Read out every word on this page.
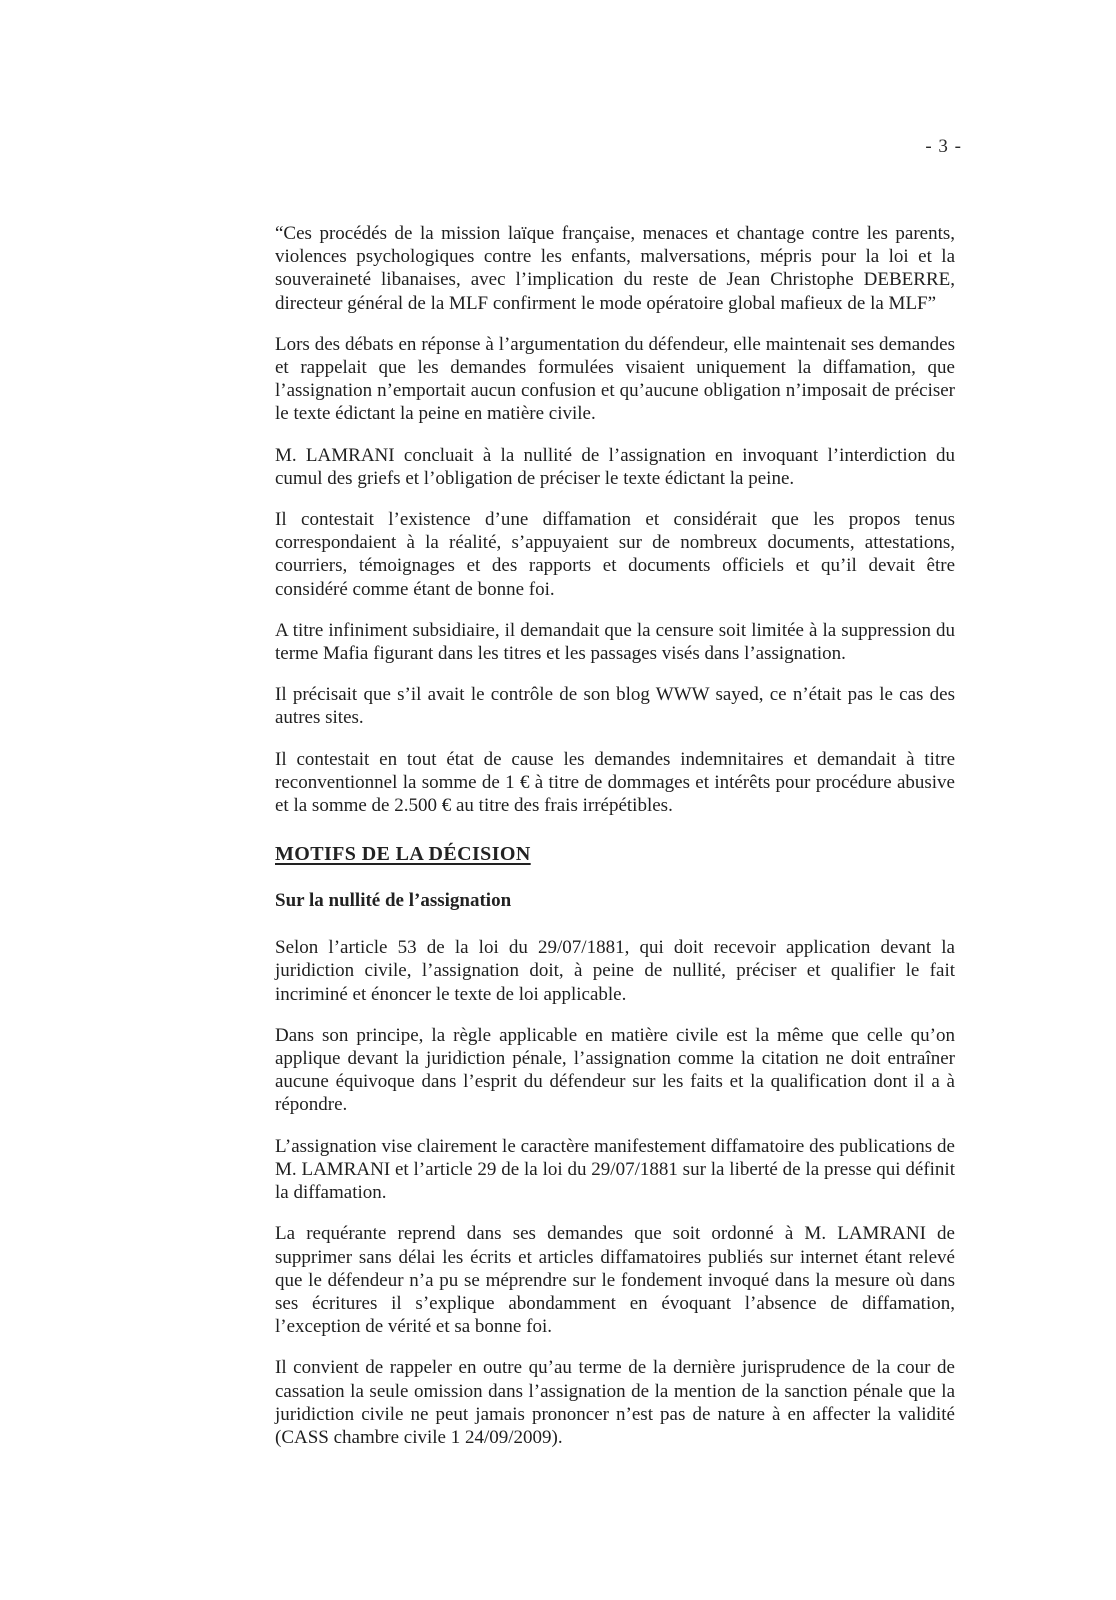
- 3 -

“Ces procédés de la mission laïque française, menaces et chantage contre les parents, violences psychologiques contre les enfants, malversations, mépris pour la loi et la souveraineté libanaises, avec l’implication du reste de Jean Christophe DEBERRE, directeur général de la MLF confirment le mode opératoire global mafieux de la MLF”

Lors des débats en réponse à l’argumentation du défendeur, elle maintenait ses demandes et rappelait que les demandes formulées visaient uniquement la diffamation, que l’assignation n’emportait aucun confusion et qu’aucune obligation n’imposait de préciser le texte édictant la peine en matière civile.

M. LAMRANI concluait à la nullité de l’assignation en invoquant l’interdiction du cumul des griefs et l’obligation de préciser le texte édictant la peine.

Il contestait l’existence d’une diffamation et considérait que les propos tenus correspondaient à la réalité, s’appuyaient sur de nombreux documents, attestations, courriers, témoignages et des rapports et documents officiels et qu’il devait être considéré comme étant de bonne foi.

A titre infiniment subsidiaire, il demandait que la censure soit limitée à la suppression du terme Mafia figurant dans les titres et les passages visés dans l’assignation.

Il précisait que s’il avait le contrôle de son blog WWW sayed, ce n’était pas le cas des autres sites.

Il contestait en tout état de cause les demandes indemnitaires et demandait à titre reconventionnel la somme de 1 € à titre de dommages et intérêts pour procédure abusive et la somme de 2.500 € au titre des frais irrépétibles.

MOTIFS DE LA DÉCISION
Sur la nullité de l’assignation

Selon l’article 53 de la loi du 29/07/1881, qui doit recevoir application devant la juridiction civile, l’assignation doit, à peine de nullité, préciser et qualifier le fait incriminé et énoncer le texte de loi applicable.

Dans son principe, la règle applicable en matière civile est la même que celle qu’on applique devant la juridiction pénale, l’assignation comme la citation ne doit entraîner aucune équivoque dans l’esprit du défendeur sur les faits et la qualification dont il a à répondre.

L’assignation vise clairement le caractère manifestement diffamatoire des publications de M. LAMRANI et l’article 29 de la loi du 29/07/1881 sur la liberté de la presse qui définit la diffamation.

La requérante reprend dans ses demandes que soit ordonné à M. LAMRANI de supprimer sans délai les écrits et articles diffamatoires publiés sur internet étant relevé que le défendeur n’a pu se méprendre sur le fondement invoqué dans la mesure où dans ses écritures il s’explique abondamment en évoquant l’absence de diffamation, l’exception de vérité et sa bonne foi.

Il convient de rappeler en outre qu’au terme de la dernière jurisprudence de la cour de cassation la seule omission dans l’assignation de la mention de la sanction pénale que la juridiction civile ne peut jamais prononcer n’est pas de nature à en affecter la validité (CASS chambre civile 1 24/09/2009).
